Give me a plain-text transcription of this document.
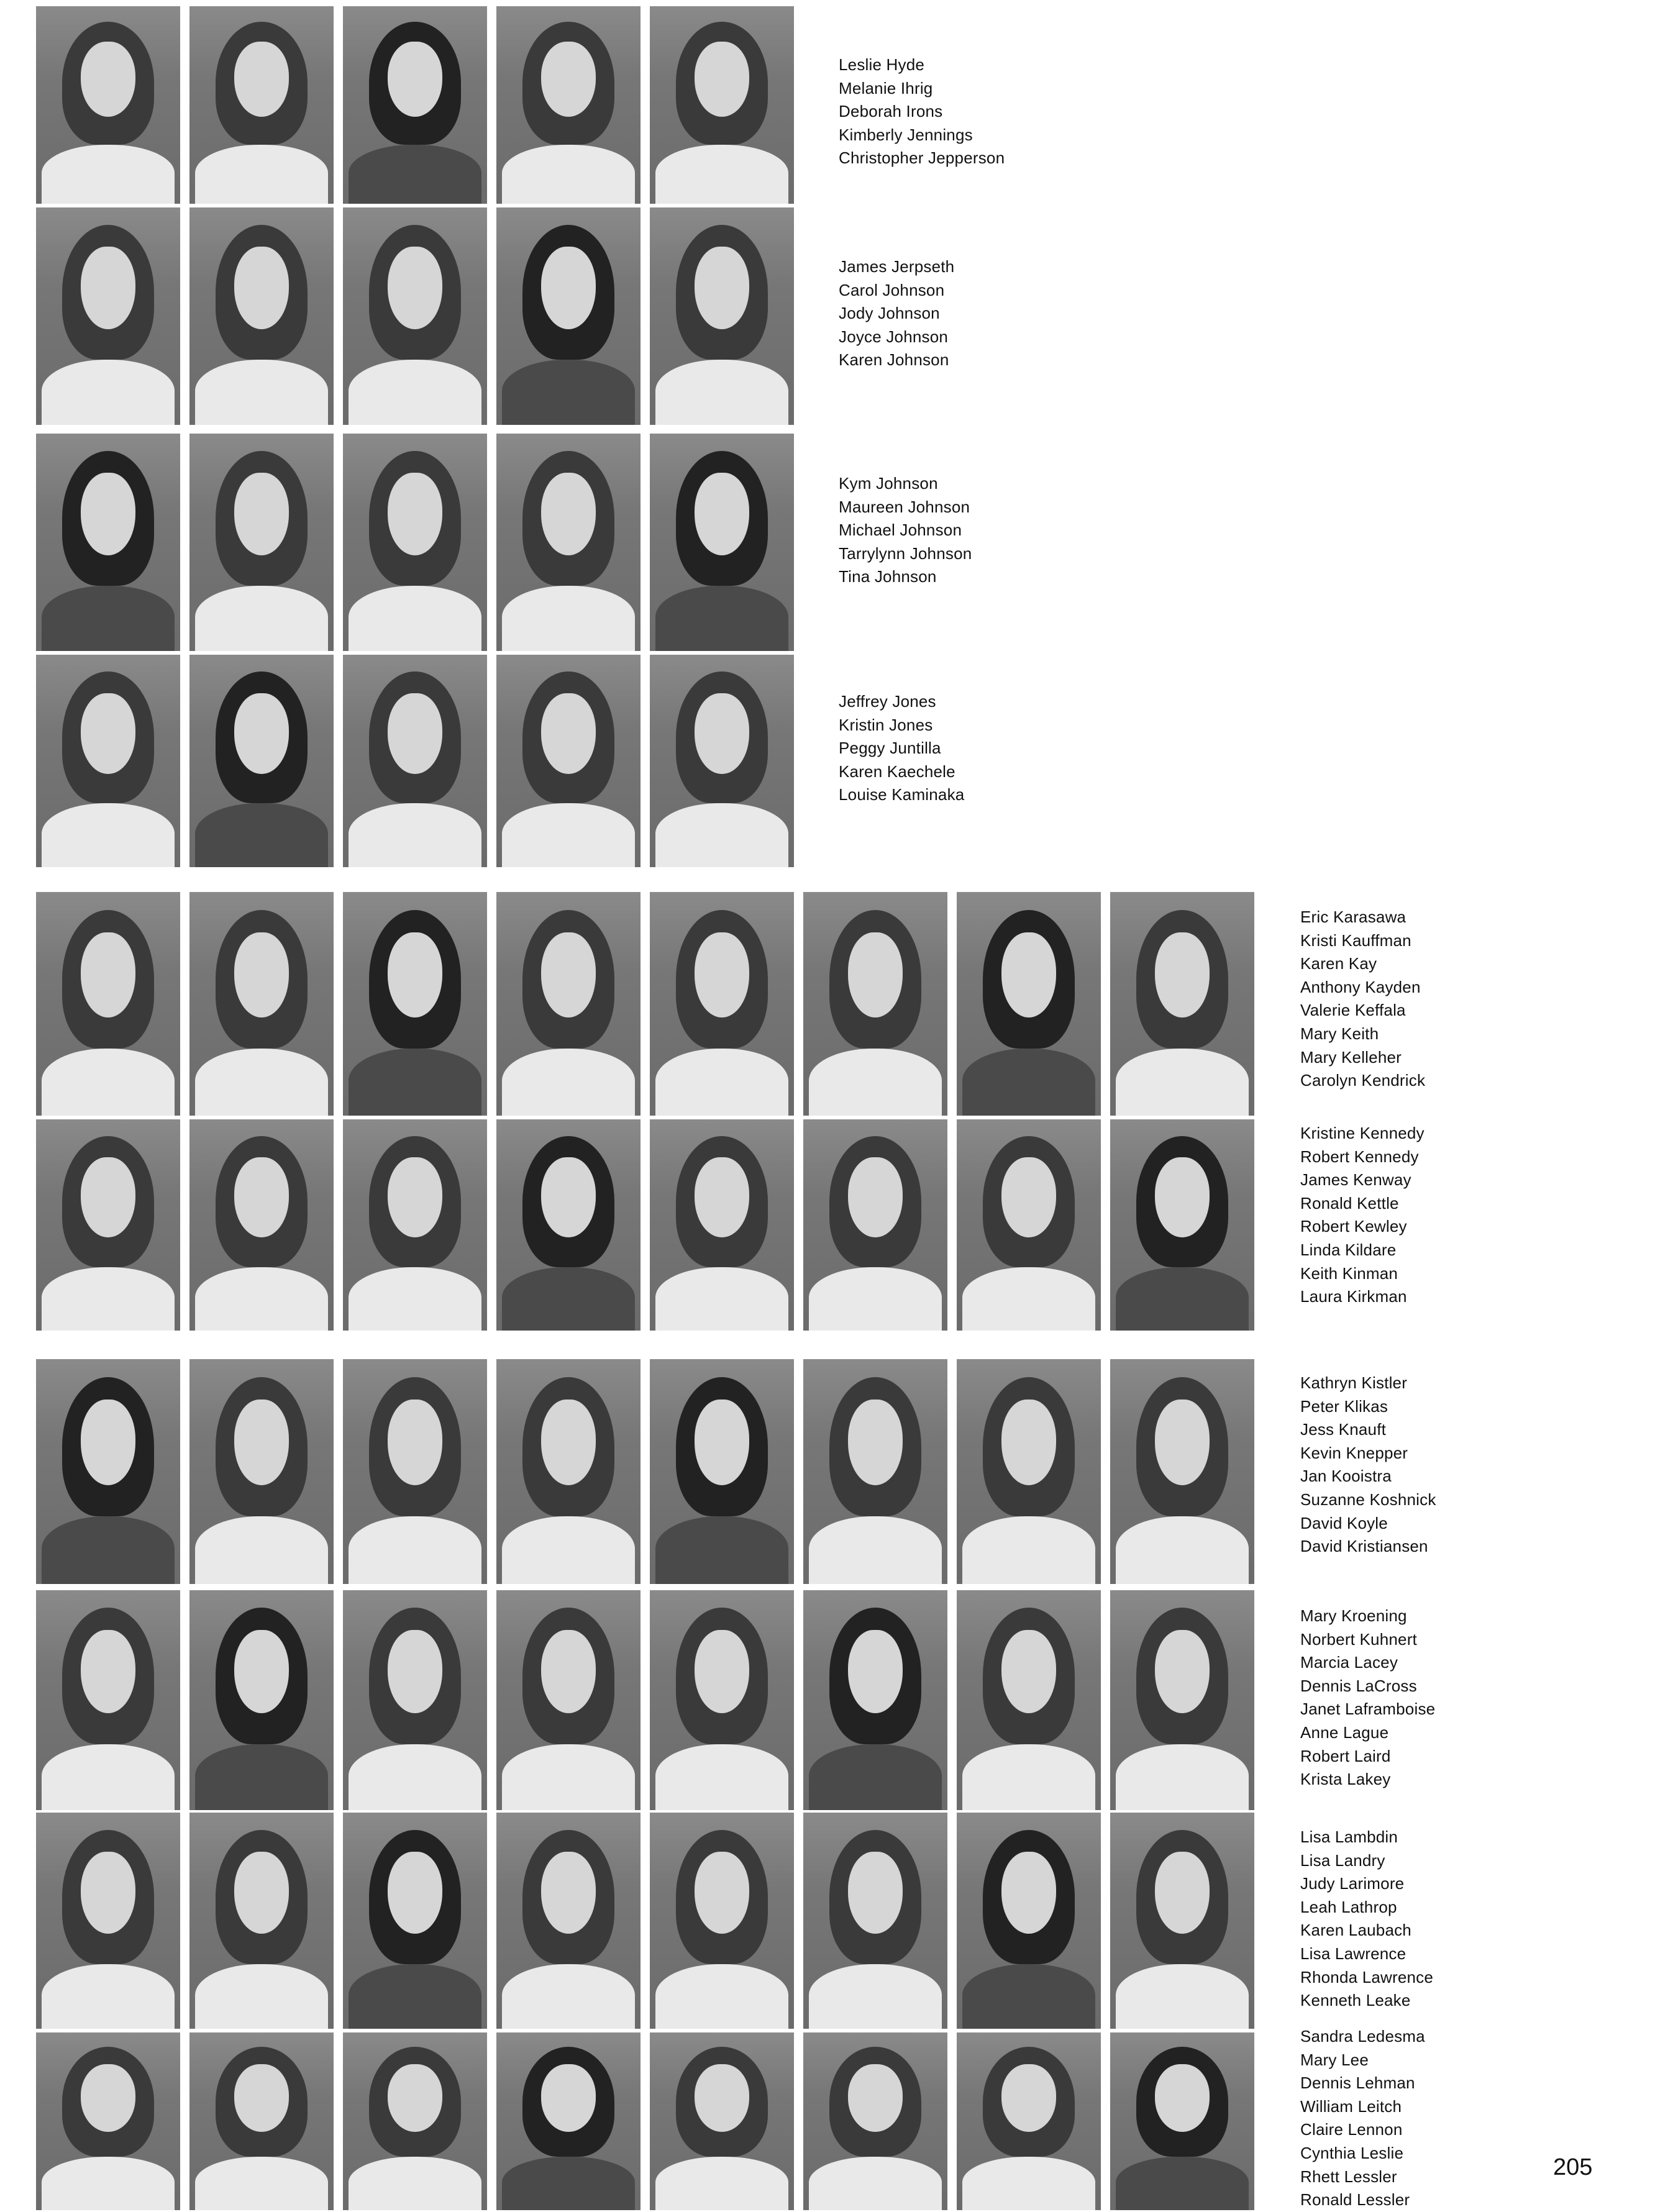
Leslie Hyde
Melanie Ihrig
Deborah Irons
Kimberly Jennings
Christopher Jepperson
James Jerpseth
Carol Johnson
Jody Johnson
Joyce Johnson
Karen Johnson
Kym Johnson
Maureen Johnson
Michael Johnson
Tarrylynn Johnson
Tina Johnson
Jeffrey Jones
Kristin Jones
Peggy Juntilla
Karen Kaechele
Louise Kaminaka
Eric Karasawa
Kristi Kauffman
Karen Kay
Anthony Kayden
Valerie Keffala
Mary Keith
Mary Kelleher
Carolyn Kendrick
Kristine Kennedy
Robert Kennedy
James Kenway
Ronald Kettle
Robert Kewley
Linda Kildare
Keith Kinman
Laura Kirkman
Kathryn Kistler
Peter Klikas
Jess Knauft
Kevin Knepper
Jan Kooistra
Suzanne Koshnick
David Koyle
David Kristiansen
Mary Kroening
Norbert Kuhnert
Marcia Lacey
Dennis LaCross
Janet Laframboise
Anne Lague
Robert Laird
Krista Lakey
Lisa Lambdin
Lisa Landry
Judy Larimore
Leah Lathrop
Karen Laubach
Lisa Lawrence
Rhonda Lawrence
Kenneth Leake
Sandra Ledesma
Mary Lee
Dennis Lehman
William Leitch
Claire Lennon
Cynthia Leslie
Rhett Lessler
Ronald Lessler
205
